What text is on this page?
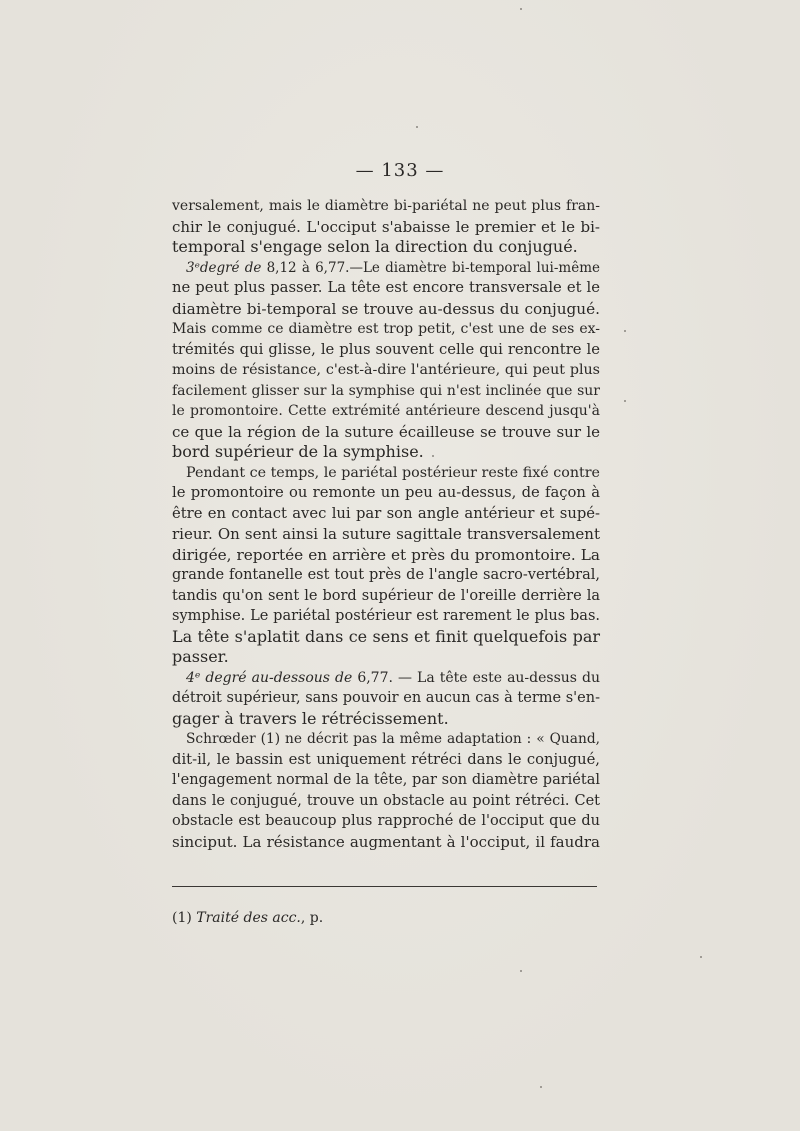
— 133 —
versalement, mais le diamètre bi-pariétal ne peut plus fran-
chir le conjugué. L'occiput s'abaisse le premier et le bi-
temporal s'engage selon la direction du conjugué.
3ᵉdegré de 8,12 à 6,77.—Le diamètre bi-temporal lui-même
ne peut plus passer. La tête est encore transversale et le
diamètre bi-temporal se trouve au-dessus du conjugué.
Mais comme ce diamètre est trop petit, c'est une de ses ex-
trémités qui glisse, le plus souvent celle qui rencontre le
moins de résistance, c'est-à-dire l'antérieure, qui peut plus
facilement glisser sur la symphise qui n'est inclinée que sur
le promontoire. Cette extrémité antérieure descend jusqu'à
ce que la région de la suture écailleuse se trouve sur le
bord supérieur de la symphise.
Pendant ce temps, le pariétal postérieur reste fixé contre
le promontoire ou remonte un peu au-dessus, de façon à
être en contact avec lui par son angle antérieur et supé-
rieur. On sent ainsi la suture sagittale transversalement
dirigée, reportée en arrière et près du promontoire. La
grande fontanelle est tout près de l'angle sacro-vertébral,
tandis qu'on sent le bord supérieur de l'oreille derrière la
symphise. Le pariétal postérieur est rarement le plus bas.
La tête s'aplatit dans ce sens et finit quelquefois par
passer.
4ᵉ degré au-dessous de 6,77. — La tête este au-dessus du
détroit supérieur, sans pouvoir en aucun cas à terme s'en-
gager à travers le rétrécissement.
Schrœder (1) ne décrit pas la même adaptation : « Quand,
dit-il, le bassin est uniquement rétréci dans le conjugué,
l'engagement normal de la tête, par son diamètre pariétal
dans le conjugué, trouve un obstacle au point rétréci. Cet
obstacle est beaucoup plus rapproché de l'occiput que du
sinciput. La résistance augmentant à l'occiput, il faudra
(1) Traité des acc., p.
